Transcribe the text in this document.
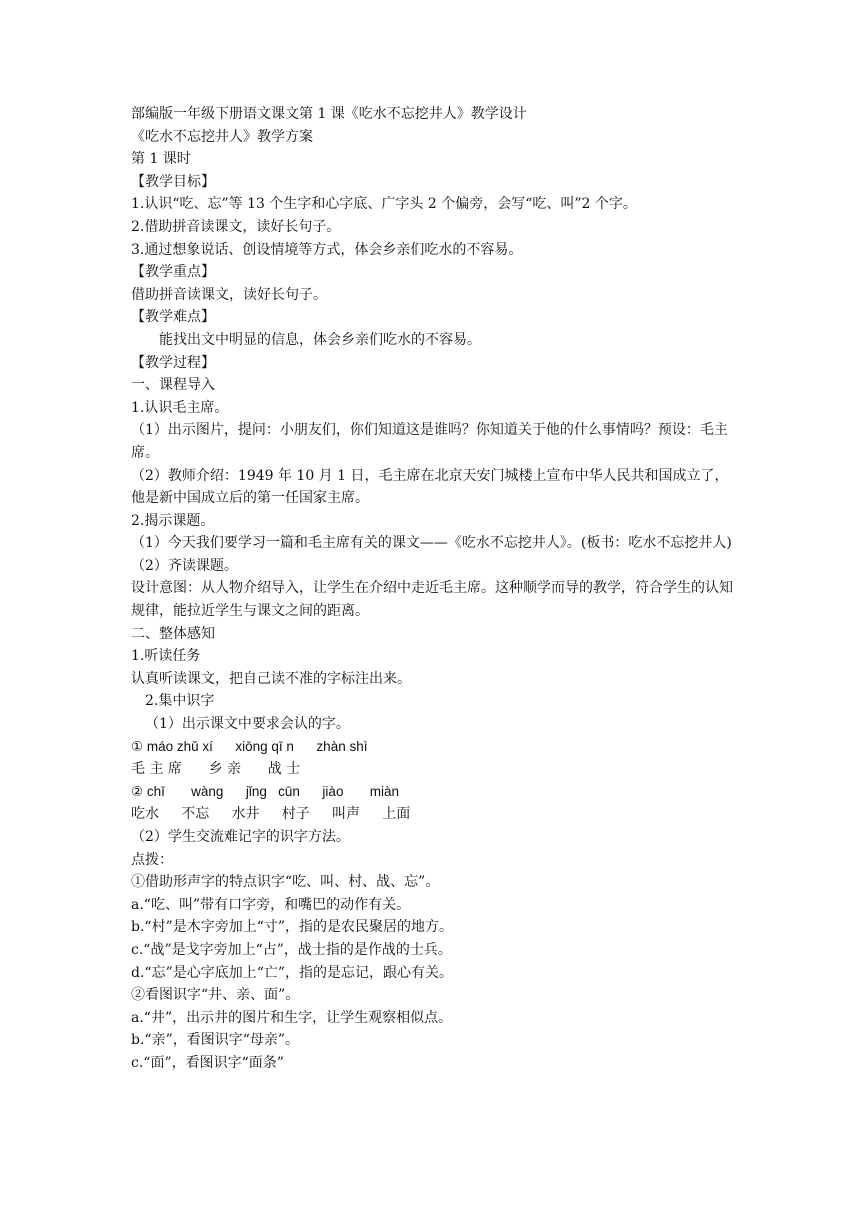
部编版一年级下册语文课文第 1 课《吃水不忘挖井人》教学设计
《吃水不忘挖井人》教学方案
第 1 课时
【教学目标】
1.认识“吃、忘”等 13 个生字和心字底、广字头 2 个偏旁，会写“吃、叫”2 个字。
2.借助拼音读课文，读好长句子。
3.通过想象说话、创设情境等方式，体会乡亲们吃水的不容易。
【教学重点】
借助拼音读课文，读好长句子。
【教学难点】
能找出文中明显的信息，体会乡亲们吃水的不容易。
【教学过程】
一、课程导入
1.认识毛主席。
（1）出示图片，提问：小朋友们，你们知道这是谁吗？你知道关于他的什么事情吗？预设：毛主席。
（2）教师介绍：1949 年 10 月 1 日，毛主席在北京天安门城楼上宣布中华人民共和国成立了，他是新中国成立后的第一任国家主席。
2.揭示课题。
（1）今天我们要学习一篇和毛主席有关的课文——《吃水不忘挖井人》。(板书：吃水不忘挖井人)
（2）齐读课题。
设计意图：从人物介绍导入，让学生在介绍中走近毛主席。这种顺学而导的教学，符合学生的认知规律，能拉近学生与课文之间的距离。
二、整体感知
1.听读任务
认真听读课文，把自己读不准的字标注出来。
2.集中识字
（1）出示课文中要求会认的字。
① máo zhǔ xí      xiōng qī n      zhàn shì
毛 主 席      乡 亲      战 士
② chī       wàng      jǐng   cūn      jiào       miàn
吃水     不忘     水井     村子     叫声     上面
（2）学生交流难记字的识字方法。
点拨：
①借助形声字的特点识字“吃、叫、村、战、忘”。
a.“吃、叫”带有口字旁，和嘴巴的动作有关。
b.“村”是木字旁加上“寸”，指的是农民聚居的地方。
c.“战”是戈字旁加上“占”，战士指的是作战的士兵。
d.“忘”是心字底加上“亡”，指的是忘记，跟心有关。
②看图识字“井、亲、面”。
a.“井”，出示井的图片和生字，让学生观察相似点。
b.“亲”，看图识字“母亲”。
c.“面”，看图识字“面条”
